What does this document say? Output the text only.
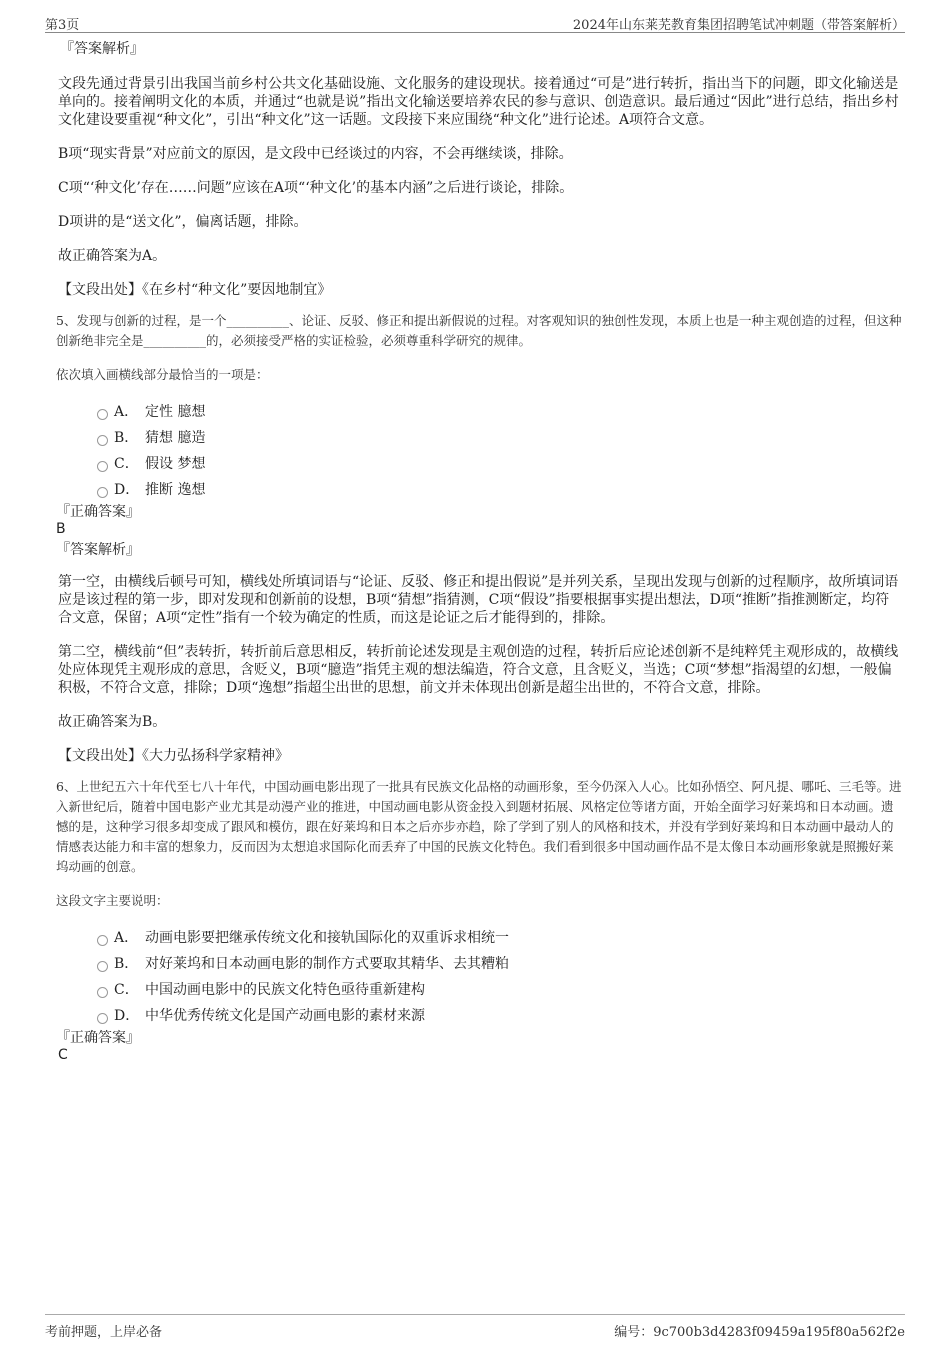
第3页	2024年山东莱芜教育集团招聘笔试冲刺题（带答案解析）

『答案解析』

文段先通过背景引出我国当前乡村公共文化基础设施、文化服务的建设现状。接着通过“可是”进行转折，指出当下的问题，即文化输送是单向的。接着阐明文化的本质，并通过“也就是说”指出文化输送要培养农民的参与意识、创造意识。最后通过“因此”进行总结，指出乡村文化建设要重视“种文化”，引出“种文化”这一话题。文段接下来应围绕“种文化”进行论述。A项符合文意。

B项“现实背景”对应前文的原因，是文段中已经谈过的内容，不会再继续谈，排除。

C项“‘种文化’存在……问题”应该在A项“‘种文化’的基本内涵”之后进行谈论，排除。

D项讲的是“送文化”，偏离话题，排除。

故正确答案为A。

【文段出处】《在乡村“种文化”要因地制宜》

5、发现与创新的过程，是一个__________、论证、反驳、修正和提出新假说的过程。对客观知识的独创性发现，本质上也是一种主观创造的过程，但这种创新绝非完全是__________的，必须接受严格的实证检验，必须尊重科学研究的规律。

依次填入画横线部分最恰当的一项是：

A． 定性 臆想
B． 猜想 臆造
C． 假设 梦想
D． 推断 逸想

『正确答案』

B

『答案解析』

第一空，由横线后顿号可知，横线处所填词语与“论证、反驳、修正和提出假说”是并列关系，呈现出发现与创新的过程顺序，故所填词语应是该过程的第一步，即对发现和创新前的设想，B项“猜想”指猜测，C项“假设”指要根据事实提出想法，D项“推断”指推测断定，均符合文意，保留；A项“定性”指有一个较为确定的性质，而这是论证之后才能得到的，排除。

第二空，横线前“但”表转折，转折前后意思相反，转折前论述发现是主观创造的过程，转折后应论述创新不是纯粹凭主观形成的，故横线处应体现凭主观形成的意思，含贬义，B项“臆造”指凭主观的想法编造，符合文意，且含贬义，当选；C项“梦想”指渴望的幻想，一般偏积极，不符合文意，排除；D项“逸想”指超尘出世的思想，前文并未体现出创新是超尘出世的，不符合文意，排除。

故正确答案为B。

【文段出处】《大力弘扬科学家精神》

6、上世纪五六十年代至七八十年代，中国动画电影出现了一批具有民族文化品格的动画形象，至今仍深入人心。比如孙悟空、阿凡提、哪吒、三毛等。进入新世纪后，随着中国电影产业尤其是动漫产业的推进，中国动画电影从资金投入到题材拓展、风格定位等诸方面，开始全面学习好莱坞和日本动画。遗憾的是，这种学习很多却变成了跟风和模仿，跟在好莱坞和日本之后亦步亦趋，除了学到了别人的风格和技术，并没有学到好莱坞和日本动画中最动人的情感表达能力和丰富的想象力，反而因为太想追求国际化而丢弃了中国的民族文化特色。我们看到很多中国动画作品不是太像日本动画形象就是照搬好莱坞动画的创意。

这段文字主要说明：

A． 动画电影要把继承传统文化和接轨国际化的双重诉求相统一
B． 对好莱坞和日本动画电影的制作方式要取其精华、去其糟粕
C． 中国动画电影中的民族文化特色亟待重新建构
D． 中华优秀传统文化是国产动画电影的素材来源

『正确答案』

C

考前押题，上岸必备	编号：9c700b3d4283f09459a195f80a562f2e
